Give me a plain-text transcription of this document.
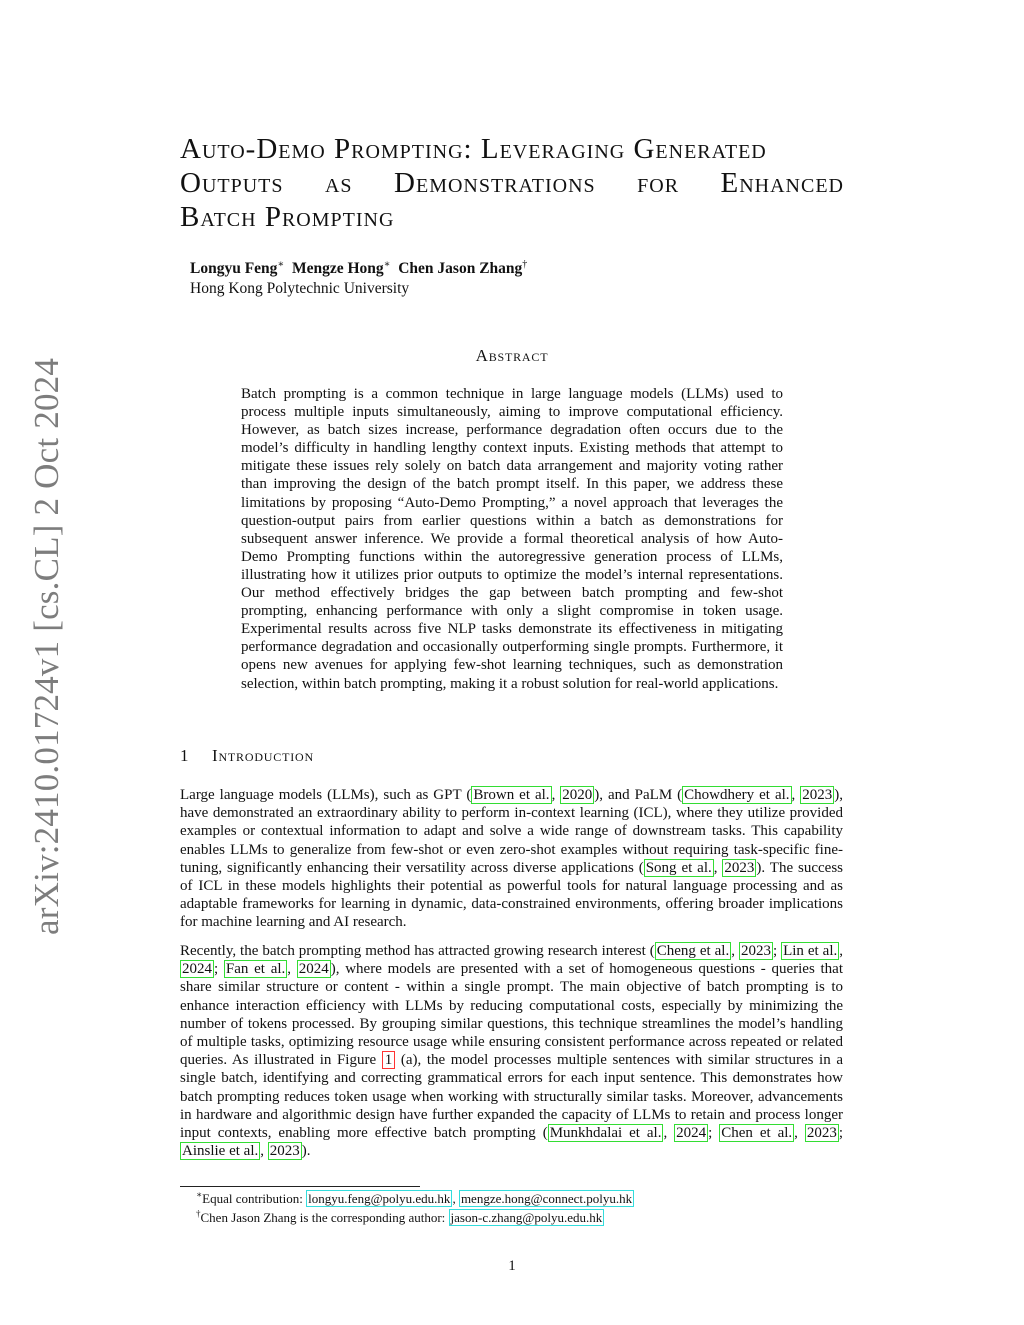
arXiv:2410.01724v1 [cs.CL] 2 Oct 2024
Auto-Demo Prompting: Leveraging Generated
Outputs as Demonstrations for Enhanced
Batch Prompting
Longyu Feng∗ Mengze Hong∗ Chen Jason Zhang†
Hong Kong Polytechnic University
Abstract
Batch prompting is a common technique in large language models (LLMs) used to process multiple inputs simultaneously, aiming to improve computational efficiency. However, as batch sizes increase, performance degradation often occurs due to the model’s difficulty in handling lengthy context inputs. Existing methods that attempt to mitigate these issues rely solely on batch data arrangement and majority voting rather than improving the design of the batch prompt itself. In this paper, we address these limitations by proposing “Auto-Demo Prompting,” a novel approach that leverages the question-output pairs from earlier questions within a batch as demonstrations for subsequent answer inference. We provide a formal theoretical analysis of how Auto-Demo Prompting functions within the autoregressive generation process of LLMs, illustrating how it utilizes prior outputs to optimize the model’s internal representations. Our method effectively bridges the gap between batch prompting and few-shot prompting, enhancing performance with only a slight compromise in token usage. Experimental results across five NLP tasks demonstrate its effectiveness in mitigating performance degradation and occasionally outperforming single prompts. Furthermore, it opens new avenues for applying few-shot learning techniques, such as demonstration selection, within batch prompting, making it a robust solution for real-world applications.
1 Introduction
Large language models (LLMs), such as GPT ( Brown et al. , 2020 ), and PaLM ( Chowdhery et al. , 2023 ), have demonstrated an extraordinary ability to perform in-context learning (ICL), where they utilize provided examples or contextual information to adapt and solve a wide range of downstream tasks. This capability enables LLMs to generalize from few-shot or even zero-shot examples without requiring task-specific fine-tuning, significantly enhancing their versatility across diverse applications ( Song et al. , 2023 ). The success of ICL in these models highlights their potential as powerful tools for natural language processing and as adaptable frameworks for learning in dynamic, data-constrained environments, offering broader implications for machine learning and AI research.
Recently, the batch prompting method has attracted growing research interest ( Cheng et al. , 2023 ; Lin et al. , 2024 ; Fan et al. , 2024 ), where models are presented with a set of homogeneous questions - queries that share similar structure or content - within a single prompt. The main objective of batch prompting is to enhance interaction efficiency with LLMs by reducing computational costs, especially by minimizing the number of tokens processed. By grouping similar questions, this technique streamlines the model’s handling of multiple tasks, optimizing resource usage while ensuring consistent performance across repeated or related queries. As illustrated in Figure 1 (a), the model processes multiple sentences with similar structures in a single batch, identifying and correcting grammatical errors for each input sentence. This demonstrates how batch prompting reduces token usage when working with structurally similar tasks. Moreover, advancements in hardware and algorithmic design have further expanded the capacity of LLMs to retain and process longer input contexts, enabling more effective batch prompting ( Munkhdalai et al. , 2024 ; Chen et al. , 2023 ; Ainslie et al. , 2023 ).
∗Equal contribution: longyu.feng@polyu.edu.hk , mengze.hong@connect.polyu.hk
†Chen Jason Zhang is the corresponding author: jason-c.zhang@polyu.edu.hk
1
